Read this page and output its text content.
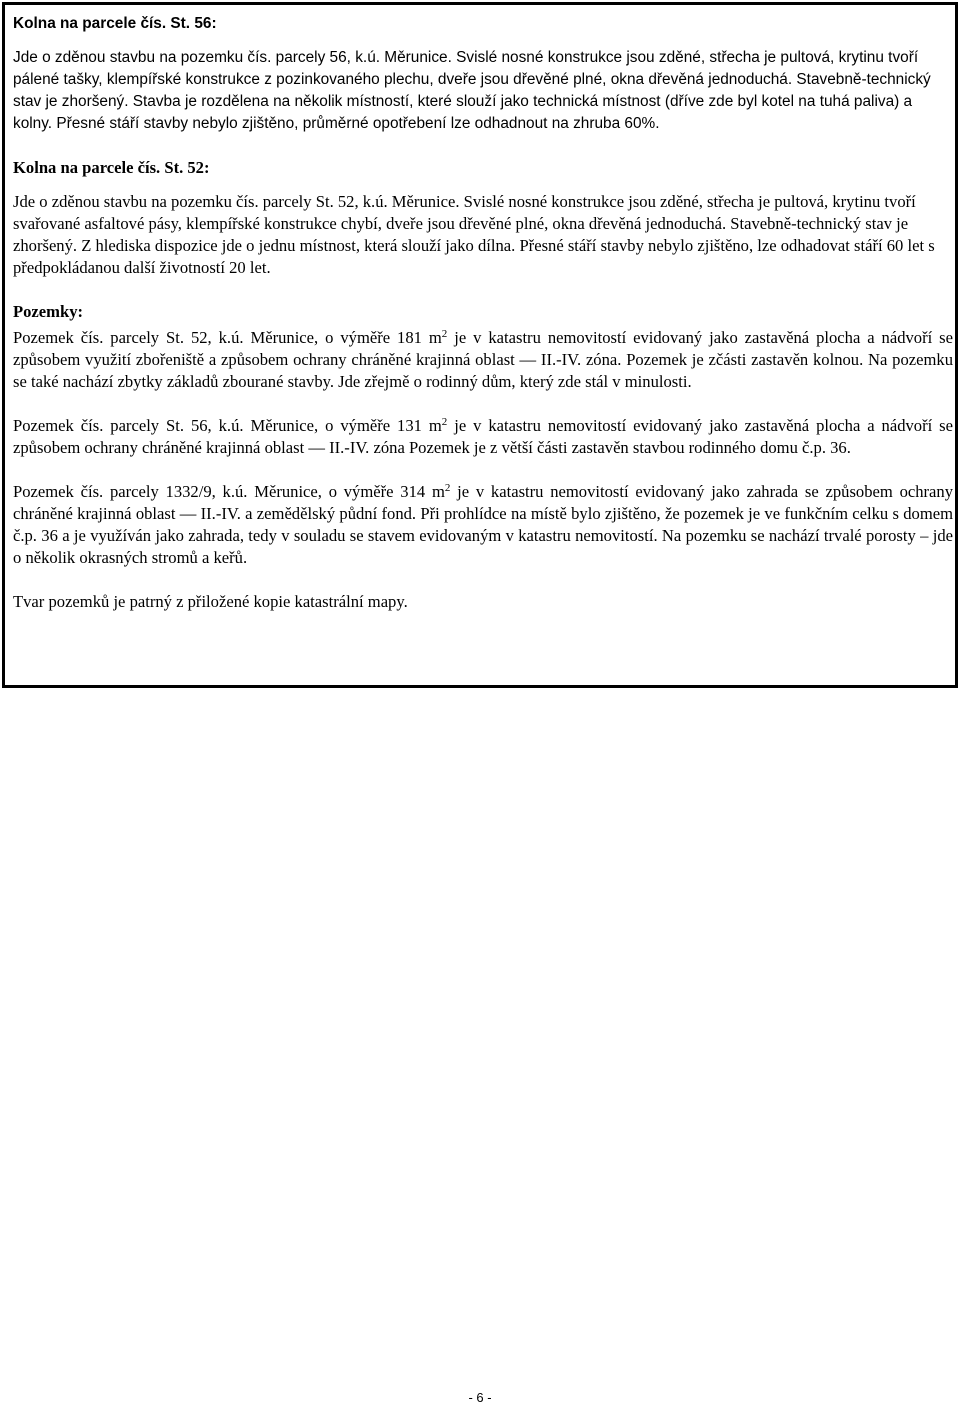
Kolna na parcele čís. St. 56:

Jde o zděnou stavbu na pozemku čís. parcely 56, k.ú. Měrunice. Svislé nosné konstrukce jsou zděné, střecha je pultová, krytinu tvoří pálené tašky, klempířské konstrukce z pozinkovaného plechu, dveře jsou dřevěné plné, okna dřevěná jednoduchá. Stavebně-technický stav je zhoršený. Stavba je rozdělena na několik místností, které slouží jako technická místnost (dříve zde byl kotel na tuhá paliva) a kolny. Přesné stáří stavby nebylo zjištěno, průměrné opotřebení lze odhadnout na zhruba 60%.

Kolna na parcele čís. St. 52:

Jde o zděnou stavbu na pozemku čís. parcely St. 52, k.ú. Měrunice. Svislé nosné konstrukce jsou zděné, střecha je pultová, krytinu tvoří svařované asfaltové pásy, klempířské konstrukce chybí, dveře jsou dřevěné plné, okna dřevěná jednoduchá. Stavebně-technický stav je zhoršený. Z hlediska dispozice jde o jednu místnost, která slouží jako dílna. Přesné stáří stavby nebylo zjištěno, lze odhadovat stáří 60 let s předpokládanou další životností 20 let.

Pozemky:

Pozemek čís. parcely St. 52, k.ú. Měrunice, o výměře 181 $m^2$ je v katastru nemovitostí evidovaný jako zastavěná plocha a nádvoří se způsobem využití zbořeniště a způsobem ochrany chráněné krajinná oblast — II.-IV. zóna. Pozemek je zčásti zastavěn kolnou. Na pozemku se také nachází zbytky základů zbourané stavby. Jde zřejmě o rodinný dům, který zde stál v minulosti.

Pozemek čís. parcely St. 56, k.ú. Měrunice, o výměře 131 $m^2$ je v katastru nemovitostí evidovaný jako zastavěná plocha a nádvoří se způsobem ochrany chráněné krajinná oblast — II.-IV. zóna Pozemek je z větší části zastavěn stavbou rodinného domu č.p. 36.

Pozemek čís. parcely 1332/9, k.ú. Měrunice, o výměře 314 $m^2$ je v katastru nemovitostí evidovaný jako zahrada se způsobem ochrany chráněné krajinná oblast — II.-IV. a zemědělský půdní fond. Při prohlídce na místě bylo zjištěno, že pozemek je ve funkčním celku s domem č.p. 36 a je využíván jako zahrada, tedy v souladu se stavem evidovaným v katastru nemovitostí. Na pozemku se nachází trvalé porosty – jde o několik okrasných stromů a keřů.

Tvar pozemků je patrný z přiložené kopie katastrální mapy.

- 6 -
